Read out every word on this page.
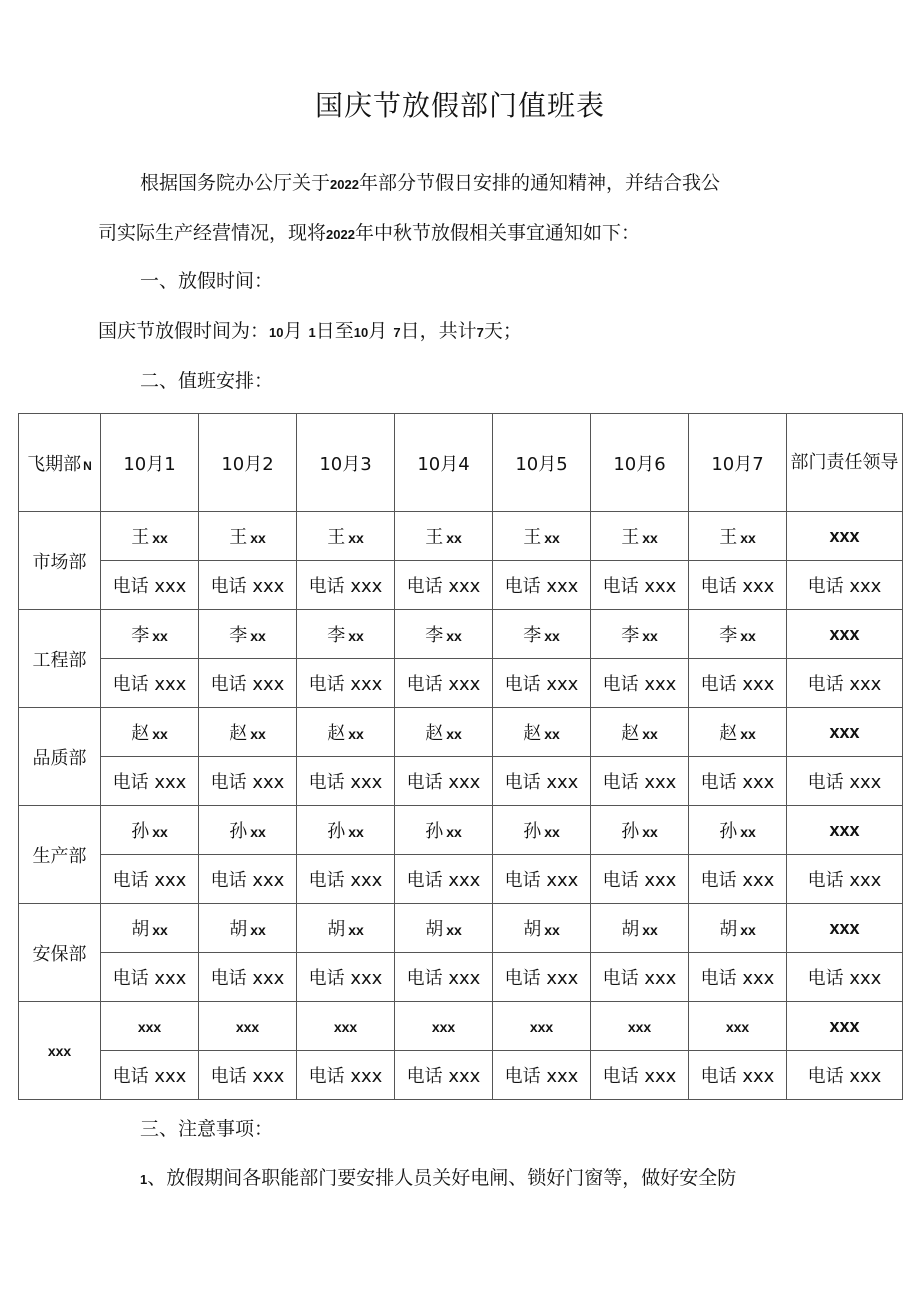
国庆节放假部门值班表
根据国务院办公厅关于2022年部分节假日安排的通知精神，并结合我公
司实际生产经营情况，现将2022年中秋节放假相关事宜通知如下：
一、放假时间：
国庆节放假时间为：10月 1日至10月 7日，共计7天；
二、值班安排：
飞期部 N	10月1	10月2	10月3	10月4	10月5	10月6	10月7	部门责任领导
市场部	王 xx	王 xx	王 xx	王 xx	王 xx	王 xx	王 xx	xxx
	电话 xxx	电话 xxx	电话 xxx	电话 xxx	电话 xxx	电话 xxx	电话 xxx	电话 xxx
工程部	李 xx	李 xx	李 xx	李 xx	李 xx	李 xx	李 xx	xxx
	电话 xxx	电话 xxx	电话 xxx	电话 xxx	电话 xxx	电话 xxx	电话 xxx	电话 xxx
品质部	赵 xx	赵 xx	赵 xx	赵 xx	赵 xx	赵 xx	赵 xx	xxx
	电话 xxx	电话 xxx	电话 xxx	电话 xxx	电话 xxx	电话 xxx	电话 xxx	电话 xxx
生产部	孙 xx	孙 xx	孙 xx	孙 xx	孙 xx	孙 xx	孙 xx	xxx
	电话 xxx	电话 xxx	电话 xxx	电话 xxx	电话 xxx	电话 xxx	电话 xxx	电话 xxx
安保部	胡 xx	胡 xx	胡 xx	胡 xx	胡 xx	胡 xx	胡 xx	xxx
	电话 xxx	电话 xxx	电话 xxx	电话 xxx	电话 xxx	电话 xxx	电话 xxx	电话 xxx
xxx	xxx	xxx	xxx	xxx	xxx	xxx	xxx	xxx
	电话 xxx	电话 xxx	电话 xxx	电话 xxx	电话 xxx	电话 xxx	电话 xxx	电话 xxx
三、注意事项：
1、放假期间各职能部门要安排人员关好电闸、锁好门窗等，做好安全防
